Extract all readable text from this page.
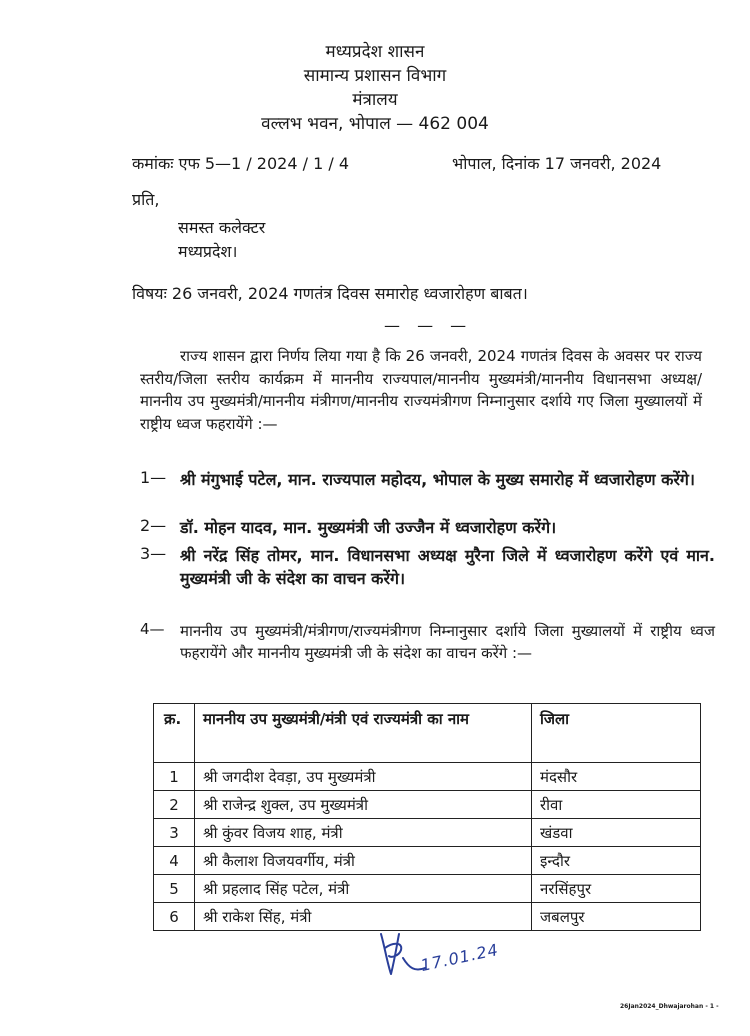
मध्यप्रदेश शासन
सामान्य प्रशासन विभाग
मंत्रालय
वल्लभ भवन, भोपाल — 462 004
कमांकः एफ 5—1 / 2024 / 1 / 4	भोपाल, दिनांक 17 जनवरी, 2024
प्रति,
समस्त कलेक्टर
मध्यप्रदेश।
विषयः 26 जनवरी, 2024 गणतंत्र दिवस समारोह ध्वजारोहण बाबत।
— — —
राज्य शासन द्वारा निर्णय लिया गया है कि 26 जनवरी, 2024 गणतंत्र दिवस के अवसर पर राज्य स्तरीय/जिला स्तरीय कार्यक्रम में माननीय राज्यपाल/माननीय मुख्यमंत्री/माननीय विधानसभा अध्यक्ष/माननीय उप मुख्यमंत्री/माननीय मंत्रीगण/माननीय राज्यमंत्रीगण निम्नानुसार दर्शाये गए जिला मुख्यालयों में राष्ट्रीय ध्वज फहरायेंगे :—
1— श्री मंगुभाई पटेल, मान. राज्यपाल महोदय, भोपाल के मुख्य समारोह में ध्वजारोहण करेंगे।
2— डॉ. मोहन यादव, मान. मुख्यमंत्री जी उज्जैन में ध्वजारोहण करेंगे।
3— श्री नरेंद्र सिंह तोमर, मान. विधानसभा अध्यक्ष मुरैना जिले में ध्वजारोहण करेंगे एवं मान. मुख्यमंत्री जी के संदेश का वाचन करेंगे।
4—	माननीय उप मुख्यमंत्री/मंत्रीगण/राज्यमंत्रीगण निम्नानुसार दर्शाये जिला मुख्यालयों में राष्ट्रीय ध्वज फहरायेंगे और माननीय मुख्यमंत्री जी के संदेश का वाचन करेंगे :—
क्र.	माननीय उप मुख्यमंत्री/मंत्री एवं राज्यमंत्री का नाम	जिला
1	श्री जगदीश देवड़ा, उप मुख्यमंत्री	मंदसौर
2	श्री राजेन्द्र शुक्ल, उप मुख्यमंत्री	रीवा
3	श्री कुंवर विजय शाह, मंत्री	खंडवा
4	श्री कैलाश विजयवर्गीय, मंत्री	इन्दौर
5	श्री प्रहलाद सिंह पटेल, मंत्री	नरसिंहपुर
6	श्री राकेश सिंह, मंत्री	जबलपुर
17.01.24
26Jan2024_Dhwajarohan - 1 -
